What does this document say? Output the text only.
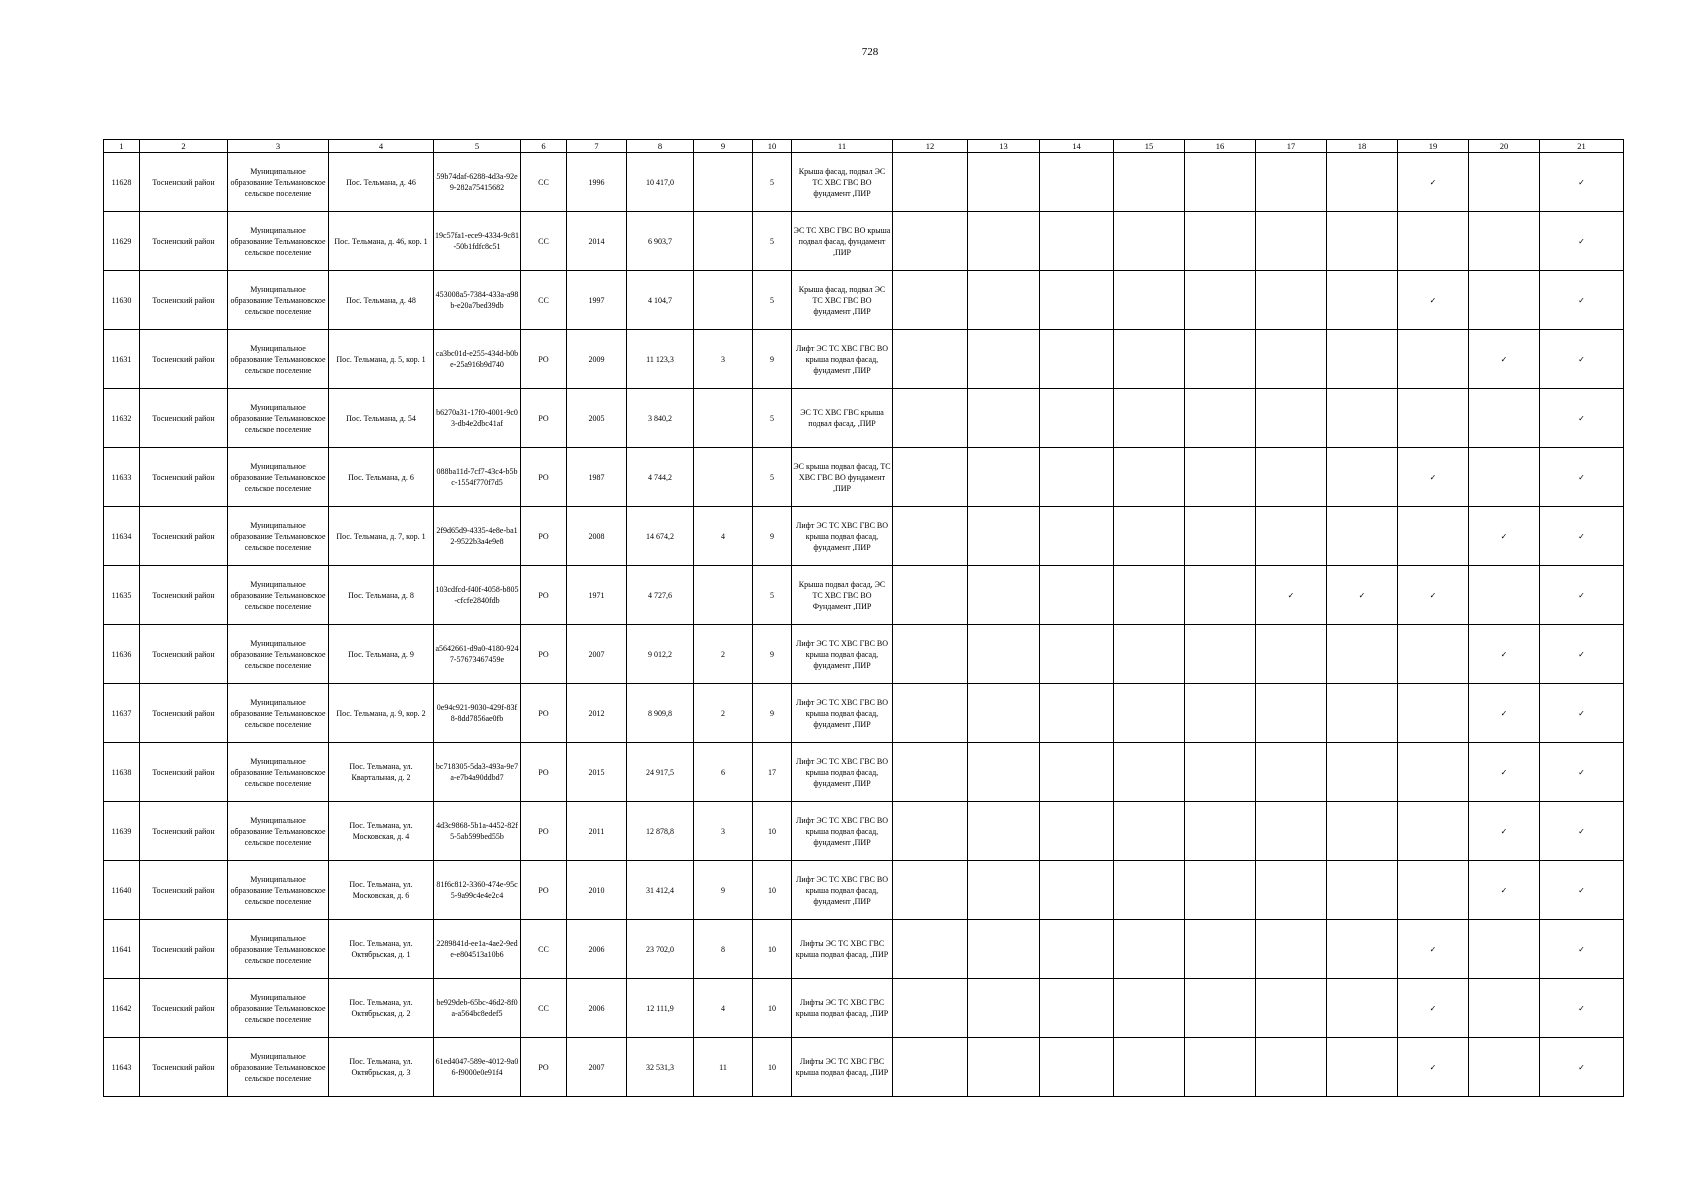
728
1	2	3	4	5	6	7	8	9	10	11	12	13	14	15	16	17	18	19	20	21
11628	Тосненский район	Муниципальное образование Тельмановское сельское поселение	Пос. Тельмана, д. 46	59b74daf-6288-4d3a-92e9-282a75415682	СС	1996	10 417,0		5	Крыша фасад, подвал ЭС ТС ХВС ГВС ВО фундамент ,ПИР								✓		✓
11629	Тосненский район	Муниципальное образование Тельмановское сельское поселение	Пос. Тельмана, д. 46, кор. 1	19c57fa1-ece9-4334-9c81-50b1fdfc8c51	СС	2014	6 903,7		5	ЭС ТС ХВС ГВС ВО крыша подвал фасад, фундамент ,ПИР										✓
11630	Тосненский район	Муниципальное образование Тельмановское сельское поселение	Пос. Тельмана, д. 48	453008a5-7384-433a-a98b-e20a7bed39db	СС	1997	4 104,7		5	Крыша фасад, подвал ЭС ТС ХВС ГВС ВО фундамент ,ПИР								✓		✓
11631	Тосненский район	Муниципальное образование Тельмановское сельское поселение	Пос. Тельмана, д. 5, кор. 1	ca3bc01d-e255-434d-b0be-25a916b9d740	РО	2009	11 123,3	3	9	Лифт ЭС ТС ХВС ГВС ВО крыша подвал фасад, фундамент ,ПИР									✓	✓
11632	Тосненский район	Муниципальное образование Тельмановское сельское поселение	Пос. Тельмана, д. 54	b6270a31-17f0-4001-9c03-db4e2dbc41af	РО	2005	3 840,2		5	ЭС ТС ХВС ГВС крыша подвал фасад, ,ПИР										✓
11633	Тосненский район	Муниципальное образование Тельмановское сельское поселение	Пос. Тельмана, д. 6	088ba11d-7cf7-43c4-b5bc-1554f770f7d5	РО	1987	4 744,2		5	ЭС крыша подвал фасад, ТС ХВС ГВС ВО фундамент ,ПИР								✓		✓
11634	Тосненский район	Муниципальное образование Тельмановское сельское поселение	Пос. Тельмана, д. 7, кор. 1	2f9d65d9-4335-4e8e-ba12-9522b3a4e9e8	РО	2008	14 674,2	4	9	Лифт ЭС ТС ХВС ГВС ВО крыша подвал фасад, фундамент ,ПИР									✓	✓
11635	Тосненский район	Муниципальное образование Тельмановское сельское поселение	Пос. Тельмана, д. 8	103cdfcd-f40f-4058-b805-cfcfe2840fdb	РО	1971	4 727,6		5	Крыша подвал фасад, ЭС ТС ХВС ГВС ВО Фундамент ,ПИР						✓	✓	✓		✓
11636	Тосненский район	Муниципальное образование Тельмановское сельское поселение	Пос. Тельмана, д. 9	a5642661-d9a0-4180-9247-57673467459e	РО	2007	9 012,2	2	9	Лифт ЭС ТС ХВС ГВС ВО крыша подвал фасад, фундамент ,ПИР									✓	✓
11637	Тосненский район	Муниципальное образование Тельмановское сельское поселение	Пос. Тельмана, д. 9, кор. 2	0e94c921-9030-429f-83f8-8dd7856ae0fb	РО	2012	8 909,8	2	9	Лифт ЭС ТС ХВС ГВС ВО крыша подвал фасад, фундамент ,ПИР									✓	✓
11638	Тосненский район	Муниципальное образование Тельмановское сельское поселение	Пос. Тельмана, ул. Квартальная, д. 2	bc718305-5da3-493a-9e7a-e7b4a90ddbd7	РО	2015	24 917,5	6	17	Лифт ЭС ТС ХВС ГВС ВО крыша подвал фасад, фундамент ,ПИР									✓	✓
11639	Тосненский район	Муниципальное образование Тельмановское сельское поселение	Пос. Тельмана, ул. Московская, д. 4	4d3c9868-5b1a-4452-82f5-5ab599bed55b	РО	2011	12 878,8	3	10	Лифт ЭС ТС ХВС ГВС ВО крыша подвал фасад, фундамент ,ПИР									✓	✓
11640	Тосненский район	Муниципальное образование Тельмановское сельское поселение	Пос. Тельмана, ул. Московская, д. 6	81f6c812-3360-474e-95c5-9a99c4e4e2c4	РО	2010	31 412,4	9	10	Лифт ЭС ТС ХВС ГВС ВО крыша подвал фасад, фундамент ,ПИР									✓	✓
11641	Тосненский район	Муниципальное образование Тельмановское сельское поселение	Пос. Тельмана, ул. Октябрьская, д. 1	2289841d-ee1a-4ae2-9ede-e804513a10b6	СС	2006	23 702,0	8	10	Лифты ЭС ТС ХВС ГВС крыша подвал фасад, ,ПИР								✓		✓
11642	Тосненский район	Муниципальное образование Тельмановское сельское поселение	Пос. Тельмана, ул. Октябрьская, д. 2	be929deb-65bc-46d2-8f0a-a564bc8edef5	СС	2006	12 111,9	4	10	Лифты ЭС ТС ХВС ГВС крыша подвал фасад, ,ПИР								✓		✓
11643	Тосненский район	Муниципальное образование Тельмановское сельское поселение	Пос. Тельмана, ул. Октябрьская, д. 3	61ed4047-589e-4012-9a06-f9000e0e91f4	РО	2007	32 531,3	11	10	Лифты ЭС ТС ХВС ГВС крыша подвал фасад, ,ПИР								✓		✓
